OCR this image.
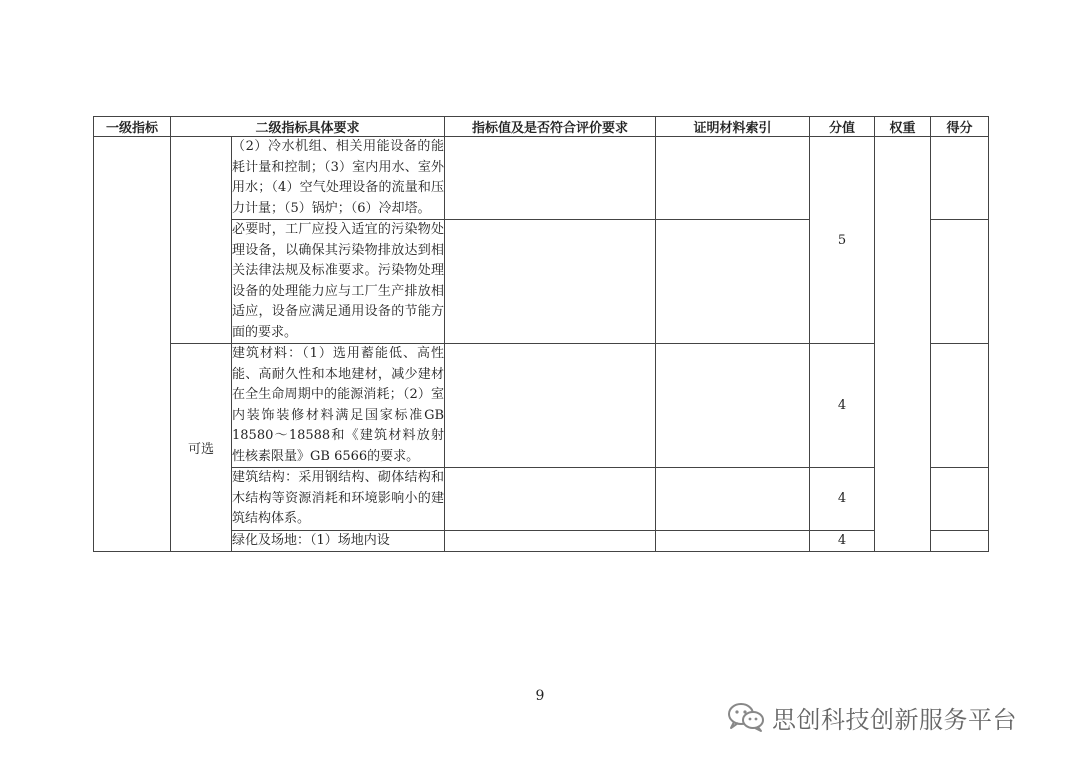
一级指标	二级指标具体要求		指标值及是否符合评价要求	证明材料索引	分值	权重	得分
		（2）冷水机组、相关用能设备的能耗计量和控制；（3）室内用水、室外用水；（4）空气处理设备的流量和压力计量；（5）锅炉；（6）冷却塔。			5		
		必要时，工厂应投入适宜的污染物处理设备，以确保其污染物排放达到相关法律法规及标准要求。污染物处理设备的处理能力应与工厂生产排放相适应，设备应满足通用设备的节能方面的要求。					
	可选	建筑材料：（1）选用蓄能低、高性能、高耐久性和本地建材，减少建材在全生命周期中的能源消耗；（2）室内装饰装修材料满足国家标准GB 18580～18588和《建筑材料放射性核素限量》GB 6566的要求。			4		
		建筑结构：采用钢结构、砌体结构和木结构等资源消耗和环境影响小的建筑结构体系。			4		
		绿化及场地：（1）场地内设			4		
9
思创科技创新服务平台
